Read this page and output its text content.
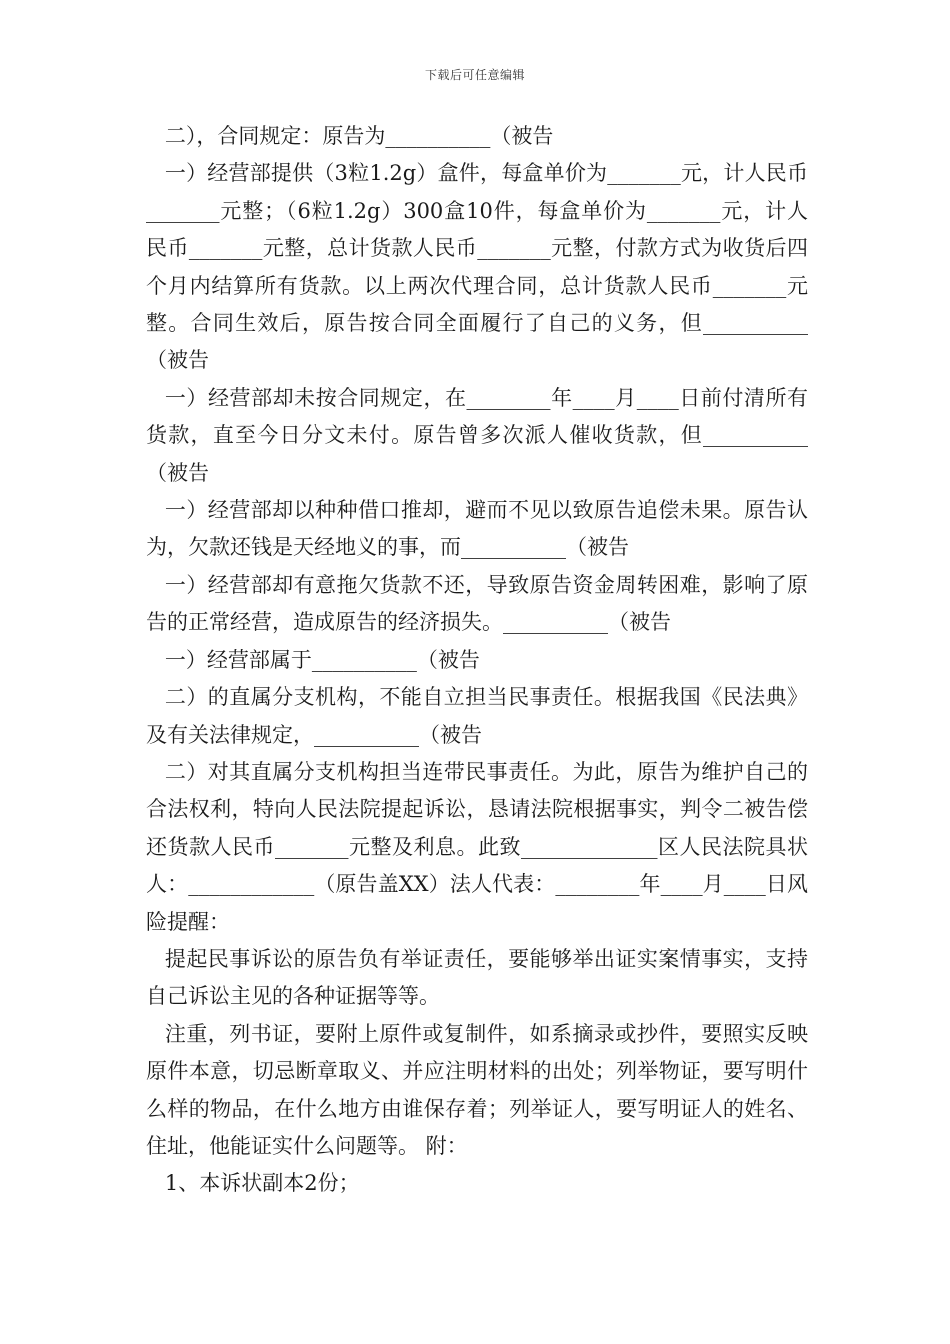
下载后可任意编辑

二），合同规定：原告为__________（被告

一）经营部提供（3粒1.2g）盒件，每盒单价为_______元，计人民币_______元整；（6粒1.2g）300盒10件，每盒单价为_______元，计人民币_______元整，总计货款人民币_______元整，付款方式为收货后四个月内结算所有货款。以上两次代理合同，总计货款人民币_______元整。合同生效后，原告按合同全面履行了自己的义务，但__________（被告

一）经营部却未按合同规定，在________年____月____日前付清所有货款，直至今日分文未付。原告曾多次派人催收货款，但__________（被告

一）经营部却以种种借口推却，避而不见以致原告追偿未果。原告认为，欠款还钱是天经地义的事，而__________（被告

一）经营部却有意拖欠货款不还，导致原告资金周转困难，影响了原告的正常经营，造成原告的经济损失。__________（被告

一）经营部属于__________（被告

二）的直属分支机构，不能自立担当民事责任。根据我国《民法典》及有关法律规定，__________（被告

二）对其直属分支机构担当连带民事责任。为此，原告为维护自己的合法权利，特向人民法院提起诉讼，恳请法院根据事实，判令二被告偿还货款人民币_______元整及利息。此致_____________区人民法院具状人：____________（原告盖XX）法人代表：________年____月____日风险提醒：

提起民事诉讼的原告负有举证责任，要能够举出证实案情事实，支持自己诉讼主见的各种证据等等。

注重，列书证，要附上原件或复制件，如系摘录或抄件，要照实反映原件本意，切忌断章取义、并应注明材料的出处；列举物证，要写明什么样的物品，在什么地方由谁保存着；列举证人，要写明证人的姓名、住址，他能证实什么问题等。 附：

1、本诉状副本2份；
